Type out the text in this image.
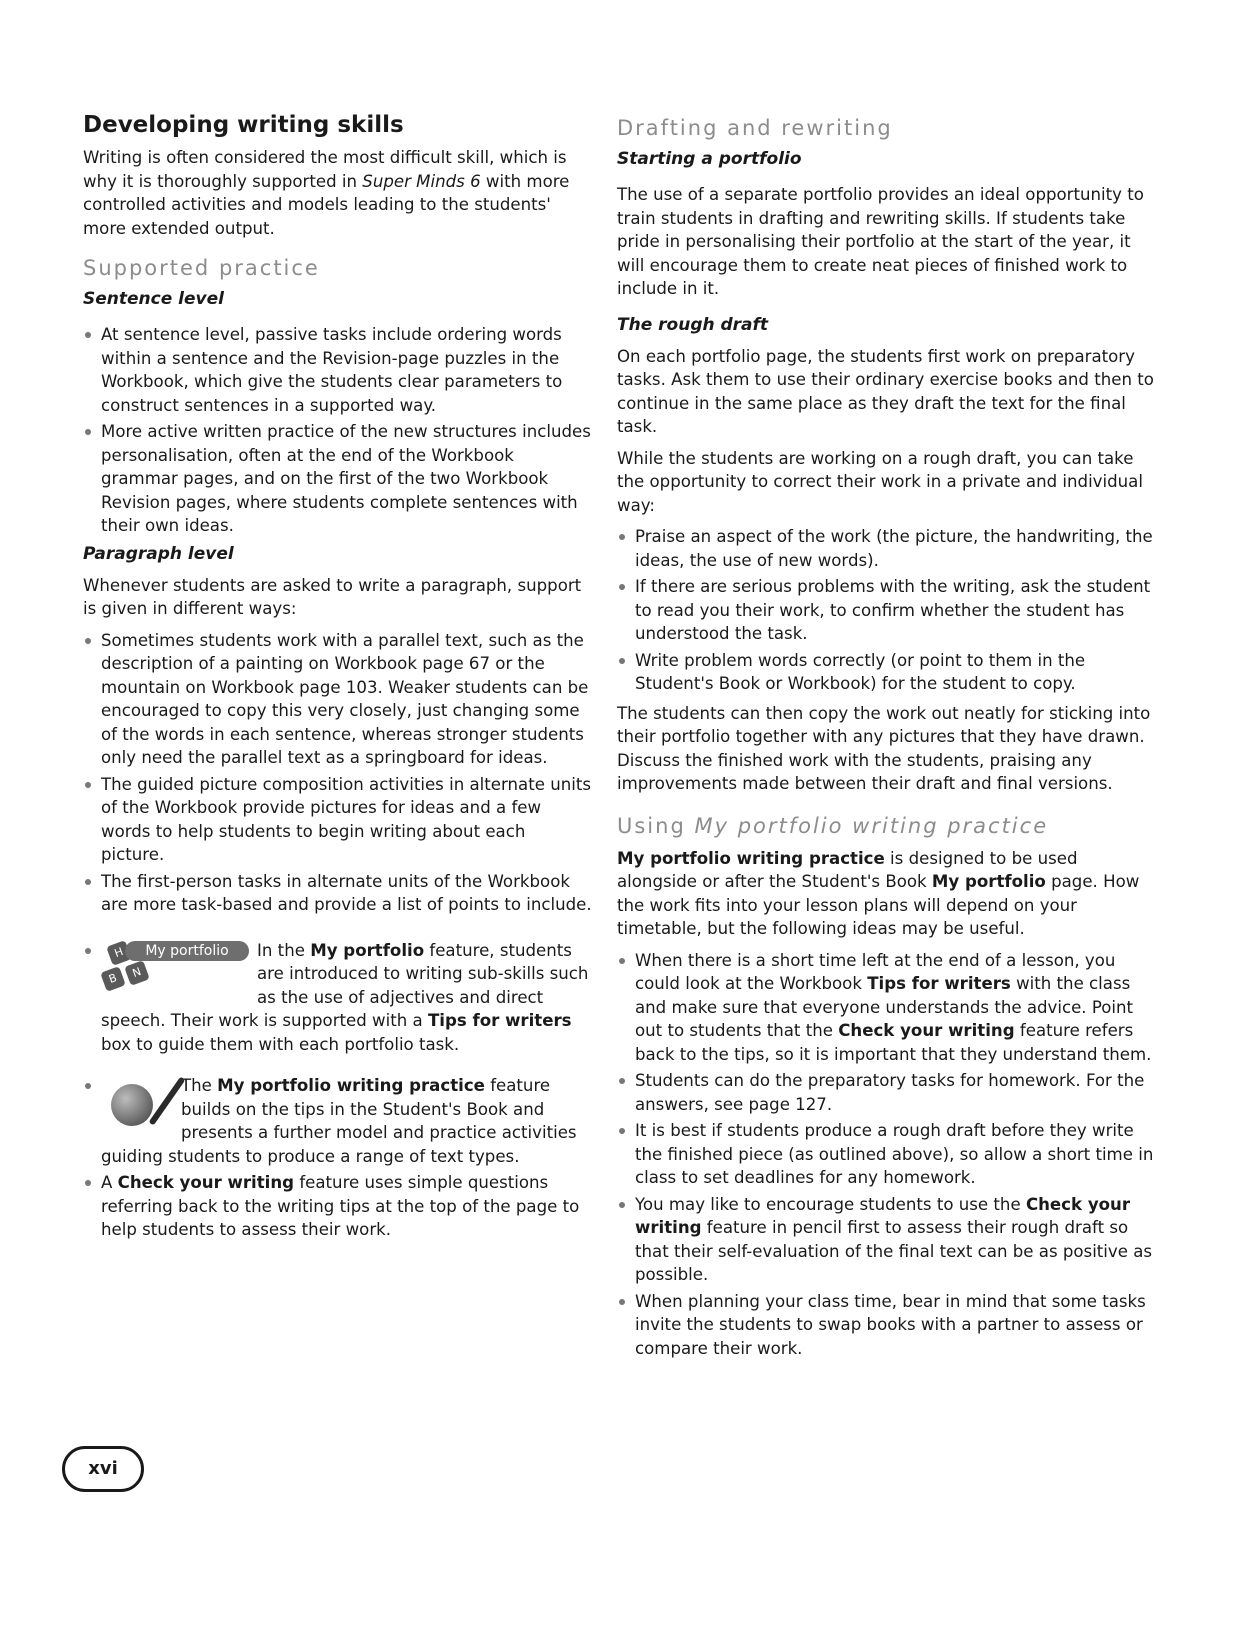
Developing writing skills

Writing is often considered the most difficult skill, which is why it is thoroughly supported in Super Minds 6 with more controlled activities and models leading to the students' more extended output.

Supported practice
Sentence level
At sentence level, passive tasks include ordering words within a sentence and the Revision-page puzzles in the Workbook, which give the students clear parameters to construct sentences in a supported way.
More active written practice of the new structures includes personalisation, often at the end of the Workbook grammar pages, and on the first of the two Workbook Revision pages, where students complete sentences with their own ideas.
Paragraph level

Whenever students are asked to write a paragraph, support is given in different ways:

Sometimes students work with a parallel text, such as the description of a painting on Workbook page 67 or the mountain on Workbook page 103. Weaker students can be encouraged to copy this very closely, just changing some of the words in each sentence, whereas stronger students only need the parallel text as a springboard for ideas.
The guided picture composition activities in alternate units of the Workbook provide pictures for ideas and a few words to help students to begin writing about each picture.
The first-person tasks in alternate units of the Workbook are more task-based and provide a list of points to include.
H
B	N
My portfolio	In the My portfolio feature, students are introduced to writing sub-skills such as the use of adjectives and direct speech. Their work is supported with a Tips for writers box to guide them with each portfolio task.
The My portfolio writing practice feature builds on the tips in the Student's Book and presents a further model and practice activities guiding students to produce a range of text types.
A Check your writing feature uses simple questions referring back to the writing tips at the top of the page to help students to assess their work.
Drafting and rewriting
Starting a portfolio

The use of a separate portfolio provides an ideal opportunity to train students in drafting and rewriting skills. If students take pride in personalising their portfolio at the start of the year, it will encourage them to create neat pieces of finished work to include in it.

The rough draft

On each portfolio page, the students first work on preparatory tasks. Ask them to use their ordinary exercise books and then to continue in the same place as they draft the text for the final task.

While the students are working on a rough draft, you can take the opportunity to correct their work in a private and individual way:

Praise an aspect of the work (the picture, the handwriting, the ideas, the use of new words).
If there are serious problems with the writing, ask the student to read you their work, to confirm whether the student has understood the task.
Write problem words correctly (or point to them in the Student's Book or Workbook) for the student to copy.

The students can then copy the work out neatly for sticking into their portfolio together with any pictures that they have drawn. Discuss the finished work with the students, praising any improvements made between their draft and final versions.

Using My portfolio writing practice

My portfolio writing practice is designed to be used alongside or after the Student's Book My portfolio page. How the work fits into your lesson plans will depend on your timetable, but the following ideas may be useful.

When there is a short time left at the end of a lesson, you could look at the Workbook Tips for writers with the class and make sure that everyone understands the advice. Point out to students that the Check your writing feature refers back to the tips, so it is important that they understand them.
Students can do the preparatory tasks for homework. For the answers, see page 127.
It is best if students produce a rough draft before they write the finished piece (as outlined above), so allow a short time in class to set deadlines for any homework.
You may like to encourage students to use the Check your writing feature in pencil first to assess their rough draft so that their self-evaluation of the final text can be as positive as possible.
When planning your class time, bear in mind that some tasks invite the students to swap books with a partner to assess or compare their work.
xvi
